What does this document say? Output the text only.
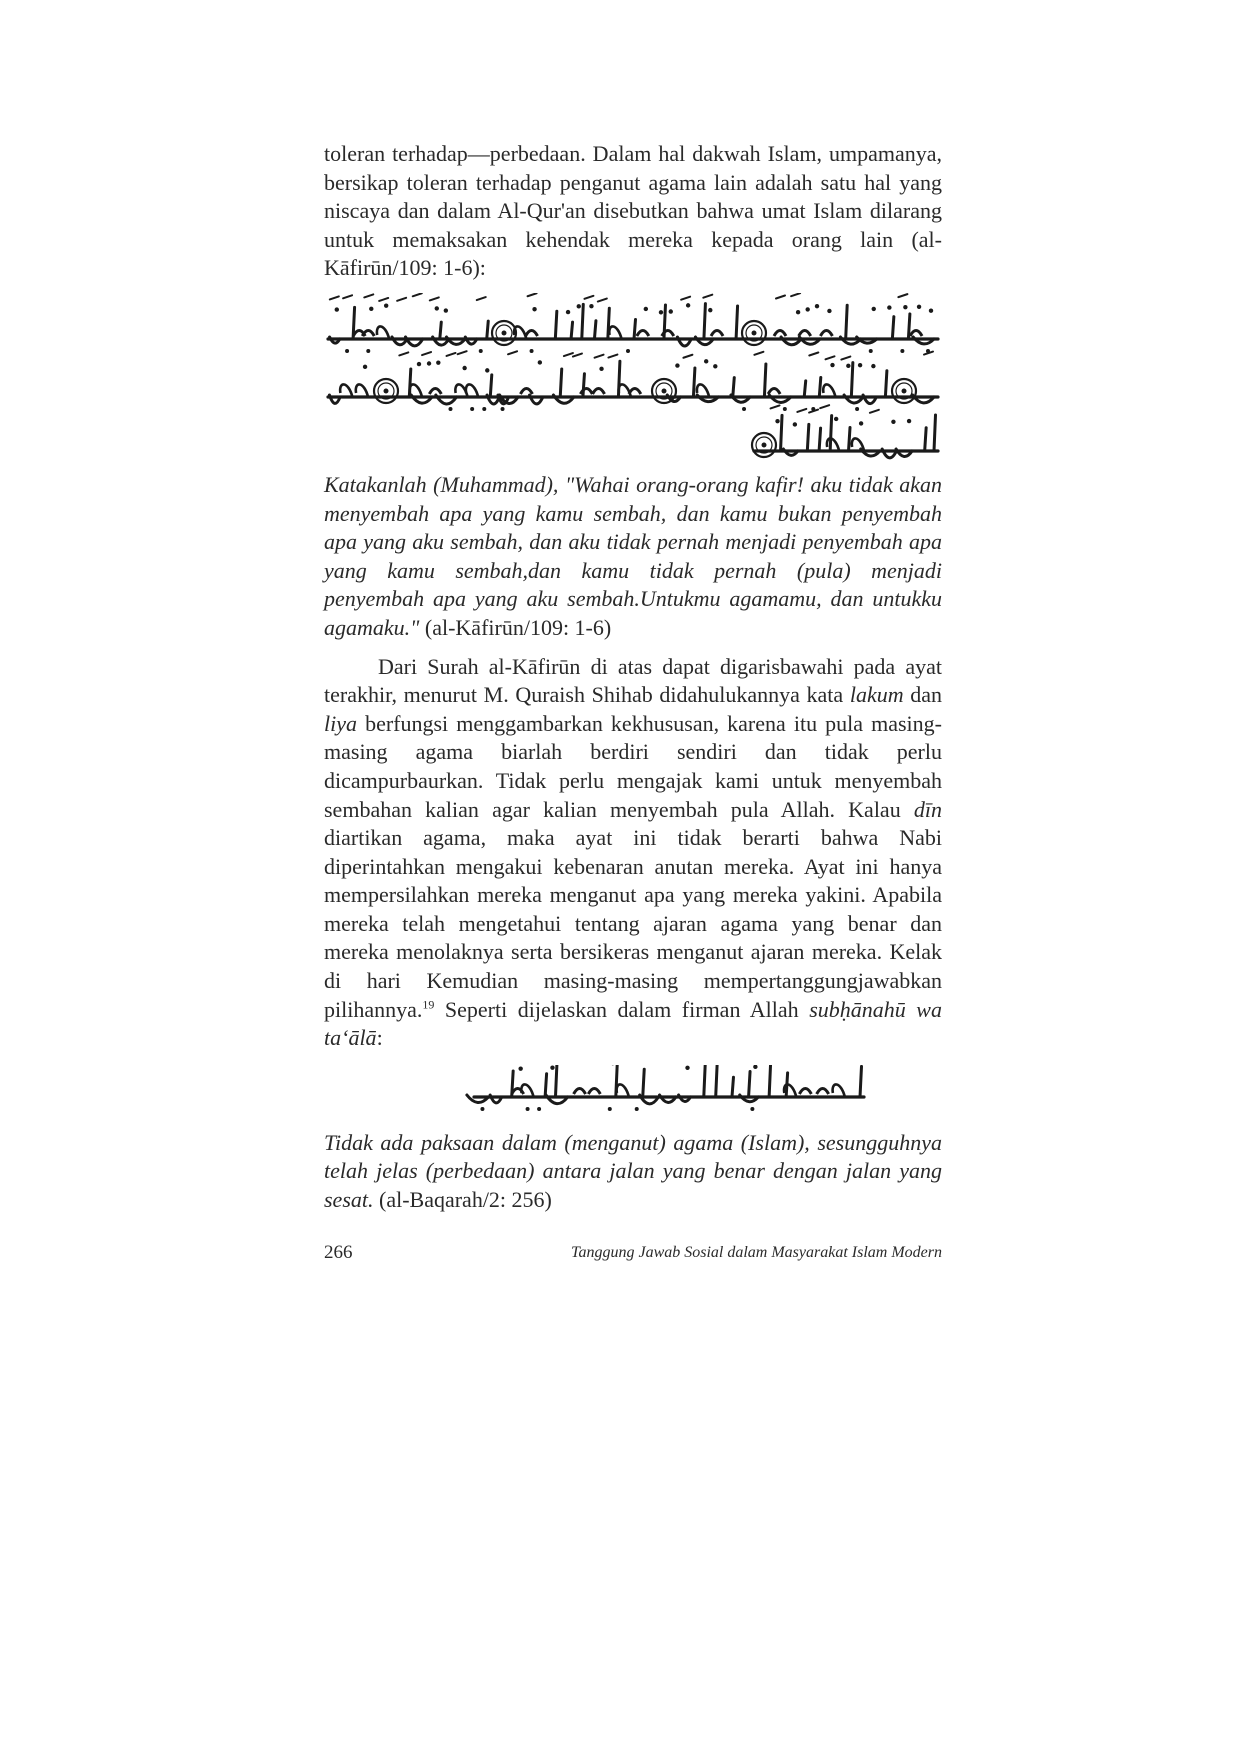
toleran terhadap—perbedaan. Dalam hal dakwah Islam, umpamanya, bersikap toleran terhadap penganut agama lain adalah satu hal yang niscaya dan dalam Al-Qur'an disebutkan bahwa umat Islam dilarang untuk memaksakan kehendak mereka kepada orang lain (al-Kāfirūn/109: 1-6):

Katakanlah (Muhammad), "Wahai orang-orang kafir! aku tidak akan menyembah apa yang kamu sembah, dan kamu bukan penyembah apa yang aku sembah, dan aku tidak pernah menjadi penyembah apa yang kamu sembah,dan kamu tidak pernah (pula) menjadi penyembah apa yang aku sembah.Untukmu agamamu, dan untukku agamaku." (al-Kāfirūn/109: 1-6)

Dari Surah al-Kāfirūn di atas dapat digarisbawahi pada ayat terakhir, menurut M. Quraish Shihab didahulukannya kata lakum dan liya berfungsi menggambarkan kekhususan, karena itu pula masing-masing agama biarlah berdiri sendiri dan tidak perlu dicampurbaurkan. Tidak perlu mengajak kami untuk menyembah sembahan kalian agar kalian menyembah pula Allah. Kalau dīn diartikan agama, maka ayat ini tidak berarti bahwa Nabi diperintahkan mengakui kebenaran anutan mereka. Ayat ini hanya mempersilahkan mereka menganut apa yang mereka yakini. Apabila mereka telah mengetahui tentang ajaran agama yang benar dan mereka menolaknya serta bersikeras menganut ajaran mereka. Kelak di hari Kemudian masing-masing mempertanggungjawabkan pilihannya.$^{19}$ Seperti dijelaskan dalam firman Allah subḥānahū wa ta‘ālā:

Tidak ada paksaan dalam (menganut) agama (Islam), sesungguhnya telah jelas (perbedaan) antara jalan yang benar dengan jalan yang sesat. (al-Baqarah/2: 256)

266	Tanggung Jawab Sosial dalam Masyarakat Islam Modern
